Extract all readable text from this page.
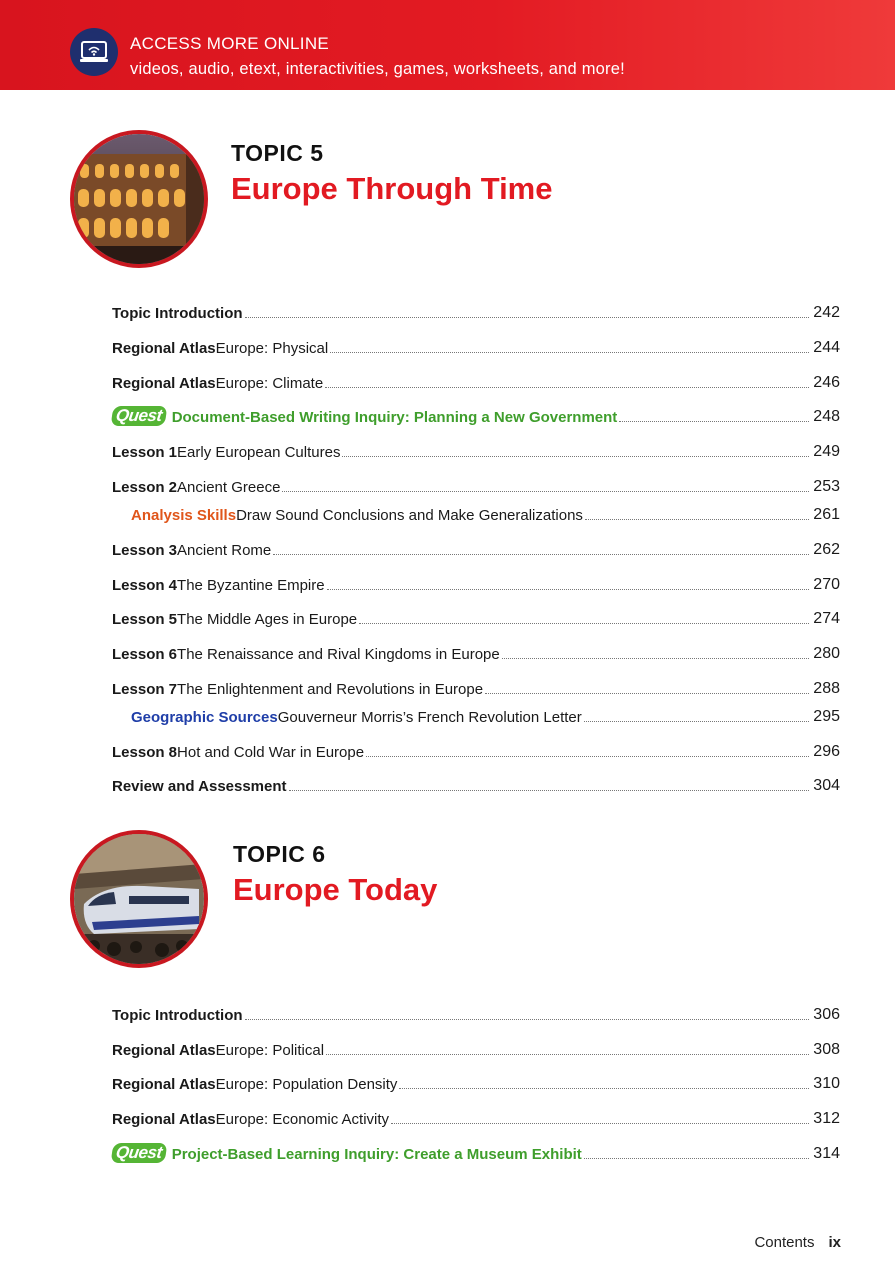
ACCESS MORE ONLINE
videos, audio, etext, interactivities, games, worksheets, and more!
TOPIC 5
Europe Through Time
Topic Introduction	242
Regional Atlas Europe: Physical	244
Regional Atlas Europe: Climate	246
Quest Document-Based Writing Inquiry: Planning a New Government	248
Lesson 1 Early European Cultures	249
Lesson 2 Ancient Greece	253
Analysis Skills Draw Sound Conclusions and Make Generalizations	261
Lesson 3 Ancient Rome	262
Lesson 4 The Byzantine Empire	270
Lesson 5 The Middle Ages in Europe	274
Lesson 6 The Renaissance and Rival Kingdoms in Europe	280
Lesson 7 The Enlightenment and Revolutions in Europe	288
Geographic Sources Gouverneur Morris’s French Revolution Letter	295
Lesson 8 Hot and Cold War in Europe	296
Review and Assessment	304
TOPIC 6
Europe Today
Topic Introduction	306
Regional Atlas Europe: Political	308
Regional Atlas Europe: Population Density	310
Regional Atlas Europe: Economic Activity	312
Quest Project-Based Learning Inquiry: Create a Museum Exhibit	314
Contents ix
